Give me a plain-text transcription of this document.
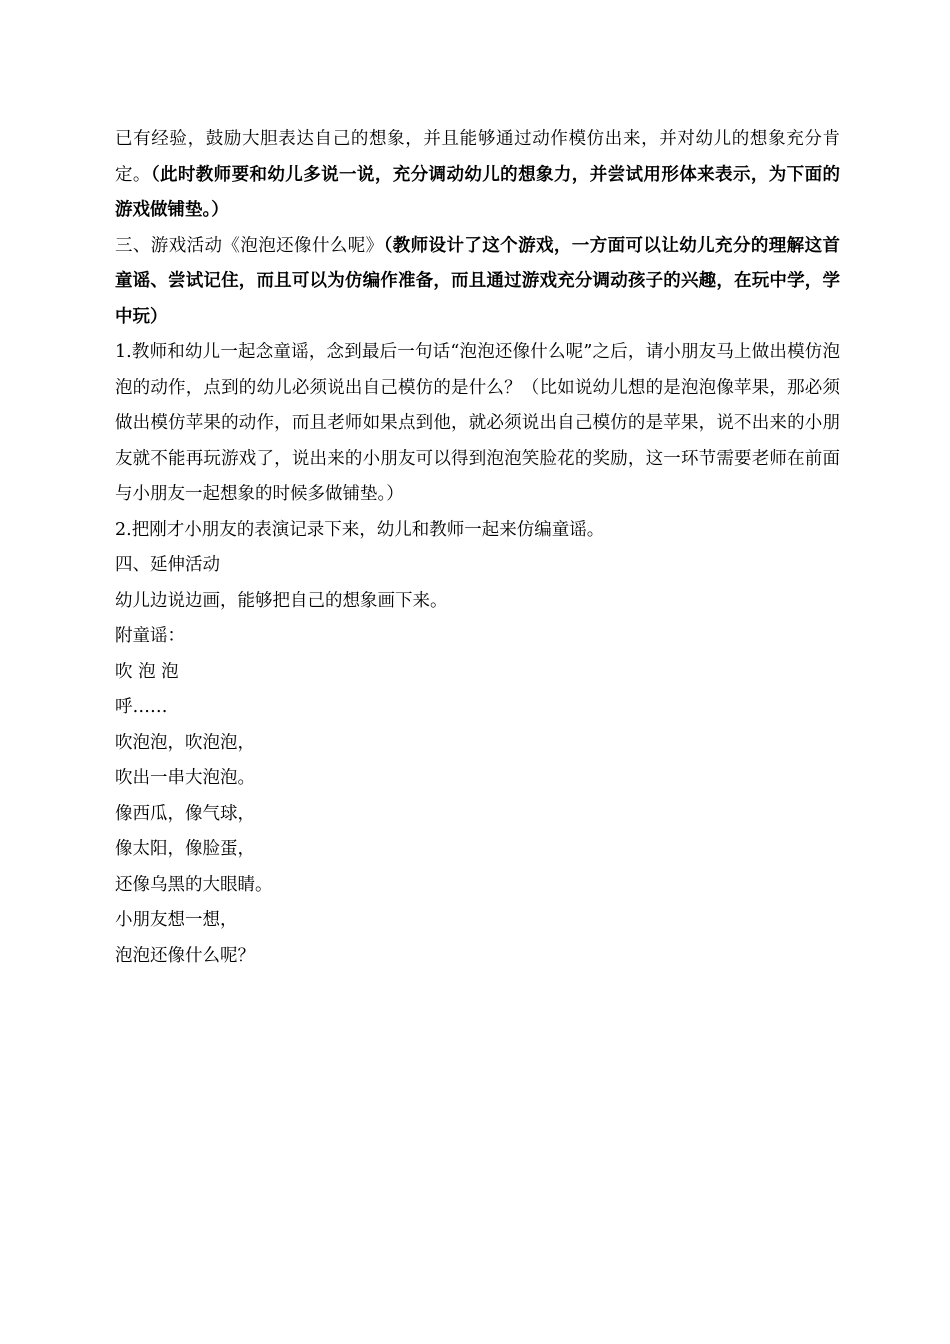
已有经验，鼓励大胆表达自己的想象，并且能够通过动作模仿出来，并对幼儿的想象充分肯定。（此时教师要和幼儿多说一说，充分调动幼儿的想象力，并尝试用形体来表示，为下面的游戏做铺垫。）

三、游戏活动《泡泡还像什么呢》（教师设计了这个游戏，一方面可以让幼儿充分的理解这首童谣、尝试记住，而且可以为仿编作准备，而且通过游戏充分调动孩子的兴趣，在玩中学，学中玩）

1.教师和幼儿一起念童谣，念到最后一句话“泡泡还像什么呢”之后，请小朋友马上做出模仿泡泡的动作，点到的幼儿必须说出自己模仿的是什么？（比如说幼儿想的是泡泡像苹果，那必须做出模仿苹果的动作，而且老师如果点到他，就必须说出自己模仿的是苹果，说不出来的小朋友就不能再玩游戏了，说出来的小朋友可以得到泡泡笑脸花的奖励，这一环节需要老师在前面与小朋友一起想象的时候多做铺垫。）

2.把刚才小朋友的表演记录下来，幼儿和教师一起来仿编童谣。

四、延伸活动

幼儿边说边画，能够把自己的想象画下来。

附童谣：

吹 泡 泡

呼……

吹泡泡，吹泡泡，

吹出一串大泡泡。

像西瓜，像气球，

像太阳，像脸蛋，

还像乌黑的大眼睛。

小朋友想一想，

泡泡还像什么呢？
